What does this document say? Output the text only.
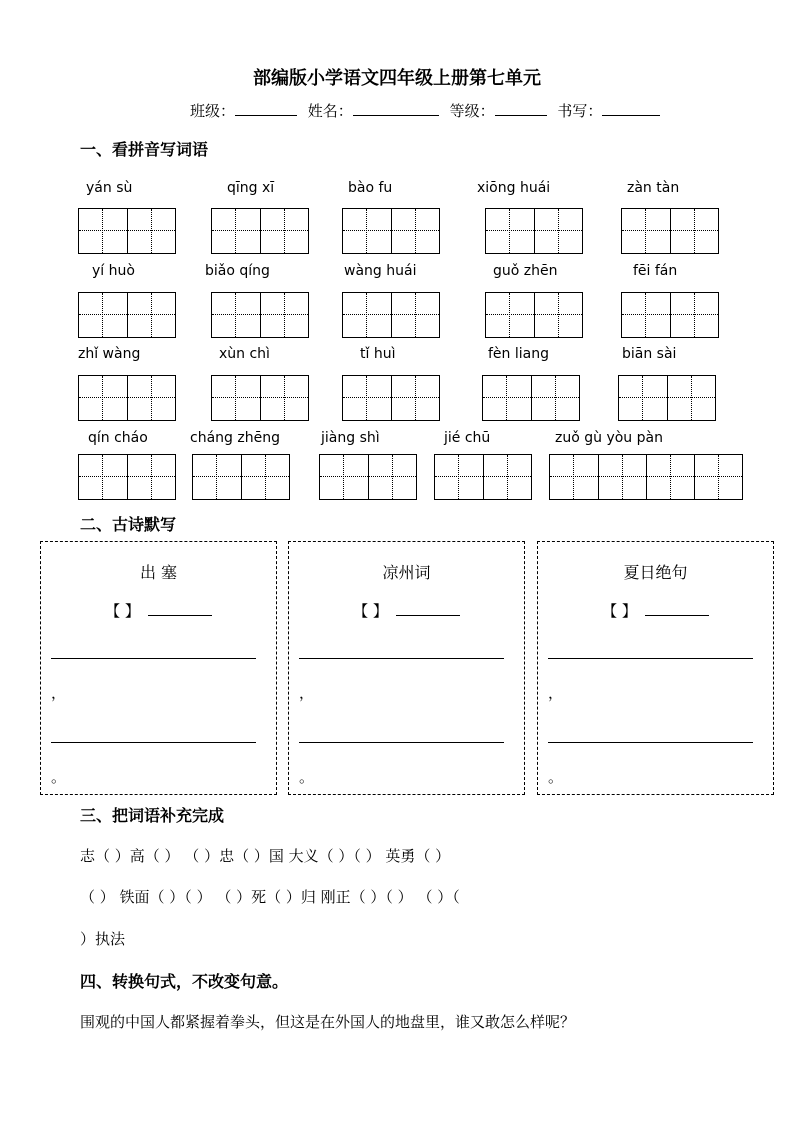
部编版小学语文四年级上册第七单元
班级：	姓名：	等级：	书写：
一、看拼音写词语
yán sù	qīng xī	bào fu	xiōng huái	zàn tàn
yí huò	biǎo qíng	wàng huái	guǒ zhēn	fēi fán
zhǐ wàng	xùn chì	tǐ huì	fèn liang	biān sài
qín cháo	cháng zhēng	jiàng shì	jié chū	zuǒ gù yòu pàn
二、古诗默写
出 塞
【 】
，
。
凉州词
【 】
，
。
夏日绝句
【 】
，
。
三、把词语补充完成
志（ ）高（ ） （ ）忠（ ）国 大义（ ）（ ） 英勇（ ）
（ ） 铁面（ ）（ ） （ ）死（ ）归 刚正（ ）（ ） （ ）（
）执法
四、转换句式，不改变句意。
围观的中国人都紧握着拳头，但这是在外国人的地盘里，谁又敢怎么样呢？
